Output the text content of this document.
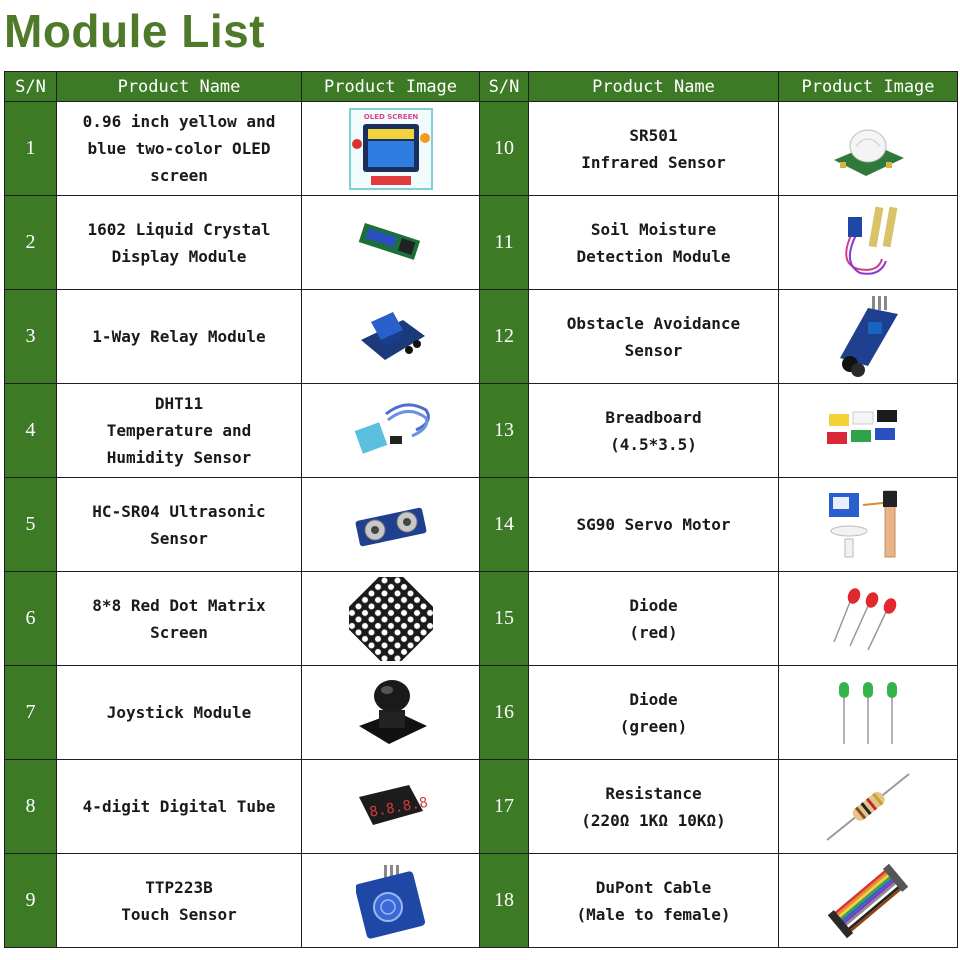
Module List
S/N	Product Name	Product Image	S/N	Product Name	Product Image
1	0.96 inch yellow and
blue two-color OLED
screen	OLED SCREEN	10	SR501
Infrared Sensor	

2	1602 Liquid Crystal
Display Module		11	Soil Moisture
Detection Module	

3	1-Way Relay Module		12	Obstacle Avoidance
Sensor	

4	DHT11
Temperature and
Humidity Sensor		13	Breadboard
(4.5*3.5)	

5	HC-SR04 Ultrasonic
Sensor		14	SG90 Servo Motor	

6	8*8 Red Dot Matrix
Screen		15	Diode
(red)	

7	Joystick Module		16	Diode
(green)	

8	4-digit Digital Tube	8.8.8.8	17	Resistance
(220Ω 1KΩ 10KΩ)	

9	TTP223B
Touch Sensor		18	DuPont Cable
(Male to female)	
